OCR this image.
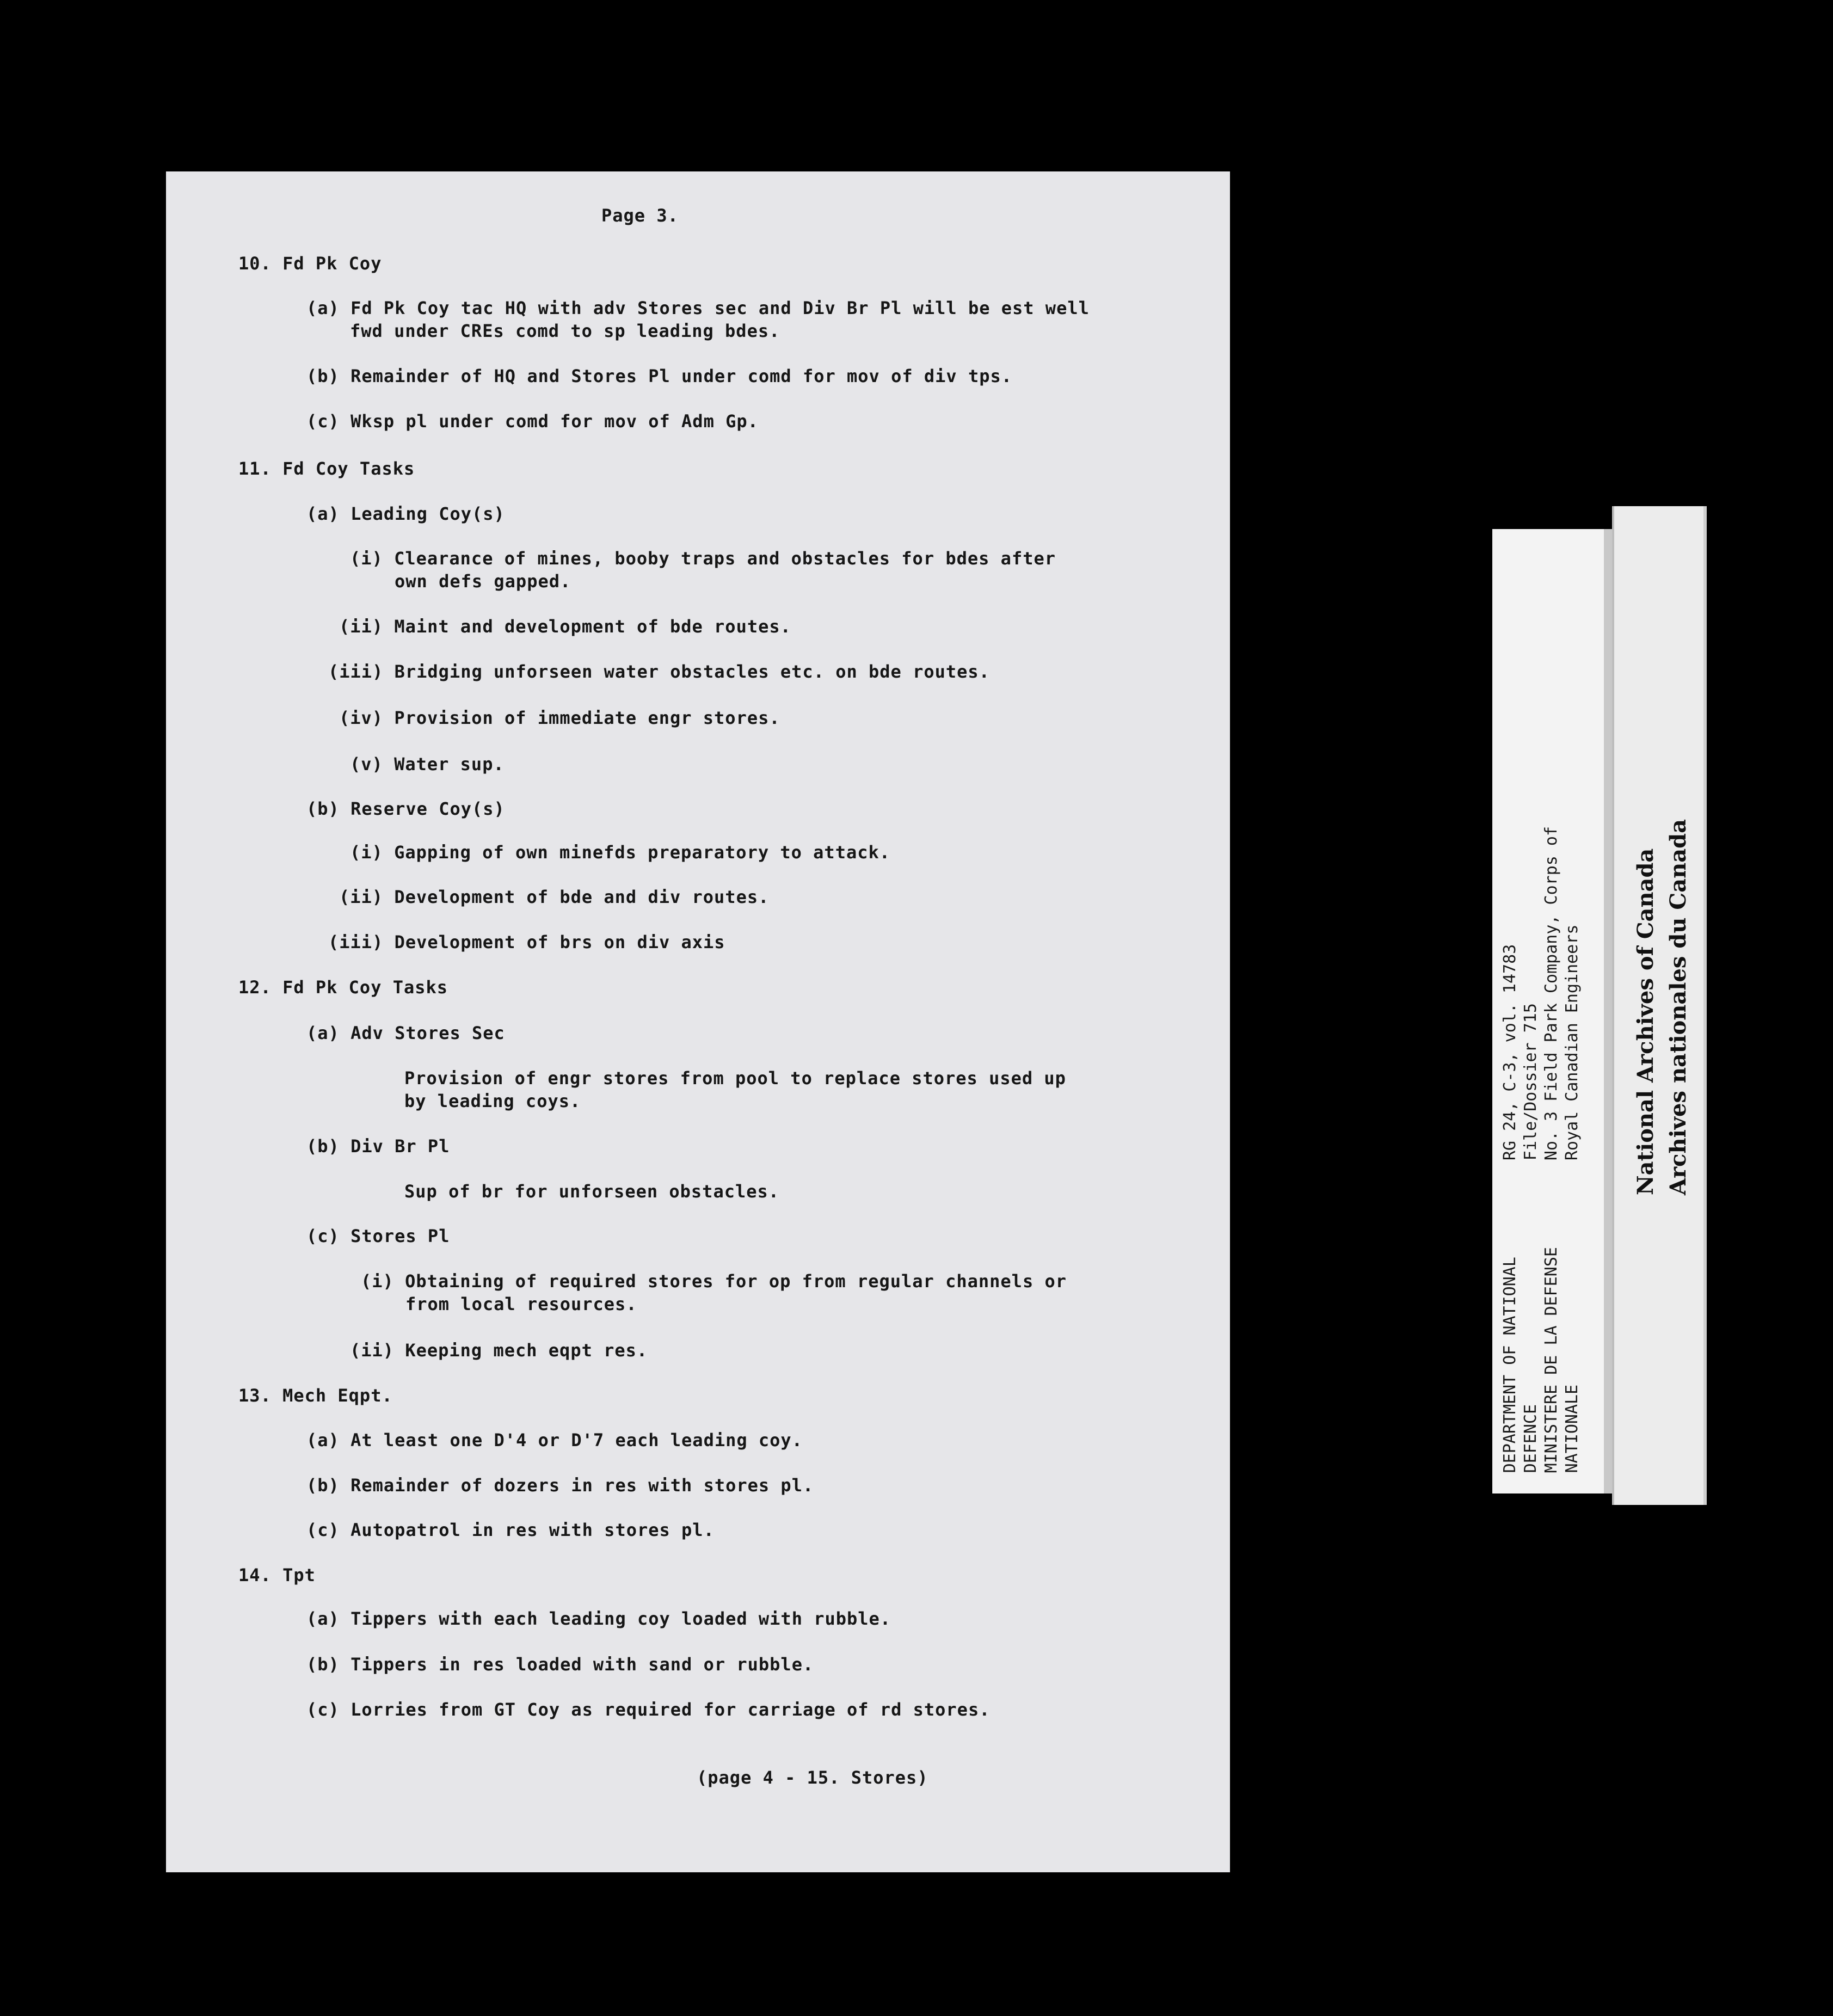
Page 3.
10. Fd Pk Coy
(a) Fd Pk Coy tac HQ with adv Stores sec and Div Br Pl will be est well
fwd under CREs comd to sp leading bdes.
(b) Remainder of HQ and Stores Pl under comd for mov of div tps.
(c) Wksp pl under comd for mov of Adm Gp.
11. Fd Coy Tasks
(a) Leading Coy(s)
(i) Clearance of mines, booby traps and obstacles for bdes after
own defs gapped.
(ii) Maint and development of bde routes.
(iii) Bridging unforseen water obstacles etc. on bde routes.
(iv) Provision of immediate engr stores.
(v) Water sup.
(b) Reserve Coy(s)
(i) Gapping of own minefds preparatory to attack.
(ii) Development of bde and div routes.
(iii) Development of brs on div axis
12. Fd Pk Coy Tasks
(a) Adv Stores Sec
Provision of engr stores from pool to replace stores used up
by leading coys.
(b) Div Br Pl
Sup of br for unforseen obstacles.
(c) Stores Pl
(i) Obtaining of required stores for op from regular channels or
from local resources.
(ii) Keeping mech eqpt res.
13. Mech Eqpt.
(a) At least one D'4 or D'7 each leading coy.
(b) Remainder of dozers in res with stores pl.
(c) Autopatrol in res with stores pl.
14. Tpt
(a) Tippers with each leading coy loaded with rubble.
(b) Tippers in res loaded with sand or rubble.
(c) Lorries from GT Coy as required for carriage of rd stores.
(page 4 - 15. Stores)
DEPARTMENT OF NATIONAL DEFENCE MINISTERE DE LA DEFENSE NATIONALE
RG 24, C-3, vol. 14783 File/Dossier 715 No. 3 Field Park Company, Corps of Royal Canadian Engineers National Archives of Canada Archives nationales du Canada
